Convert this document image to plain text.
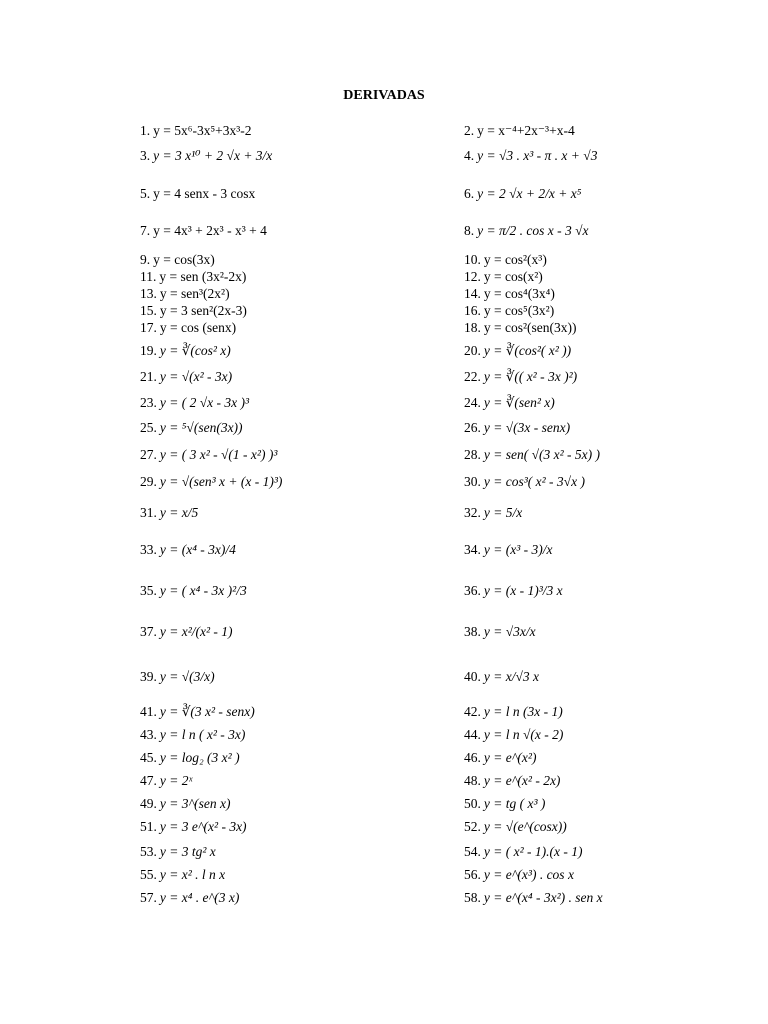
DERIVADAS
1. y = 5x⁶-3x⁵+3x³-2	2. y = x⁻⁴+2x⁻³+x-4
3. y = 3 x¹⁰ + 2 √x + 3/x	4. y = √3 . x³ - π . x + √3
5. y = 4 senx - 3 cosx	6. y = 2 √x + 2/x + x⁵
7. y = 4x³ + 2x³ - x³ + 4	8. y = π/2 . cos x - 3 √x
9. y = cos(3x)	10. y = cos²(x³)
11. y = sen (3x²-2x)	12. y = cos(x²)
13. y = sen³(2x²)	14. y = cos⁴(3x⁴)
15. y = 3 sen²(2x-3)	16. y = cos⁵(3x²)
17. y = cos (senx)	18. y = cos²(sen(3x))
19. y = ∛(cos² x)	20. y = ∛(cos²( x² ))
21. y = √(x² - 3x)	22. y = ∛(( x² - 3x )²)
23. y = ( 2 √x - 3x )³	24. y = ∛(sen² x)
25. y = ⁵√(sen(3x))	26. y = √(3x - senx)
27. y = ( 3 x² - √(1 - x²) )³	28. y = sen( √(3 x² - 5x) )
29. y = √(sen³ x + (x - 1)³)	30. y = cos³( x² - 3√x )
31. y = x/5	32. y = 5/x
33. y = (x⁴ - 3x)/4	34. y = (x³ - 3)/x
35. y = ( x⁴ - 3x )²/3	36. y = (x - 1)³/3 x
37. y = x²/(x² - 1)	38. y = √3x/x
39. y = √(3/x)	40. y = x/√3 x
41. y = ∛(3 x² - senx)	42. y = l n (3x - 1)
43. y = l n ( x² - 3x)	44. y = l n √(x - 2)
45. y = log₂ (3 x² )	46. y = e^(x²)
47. y = 2ˣ	48. y = e^(x² - 2x)
49. y = 3^(sen x)	50. y = tg ( x³ )
51. y = 3 e^(x² - 3x)	52. y = √(e^(cosx))
53. y = 3 tg² x	54. y = ( x² - 1).(x - 1)
55. y = x² . l n x	56. y = e^(x³) . cos x
57. y = x⁴ . e^(3 x)	58. y = e^(x⁴ - 3x²) . sen x
